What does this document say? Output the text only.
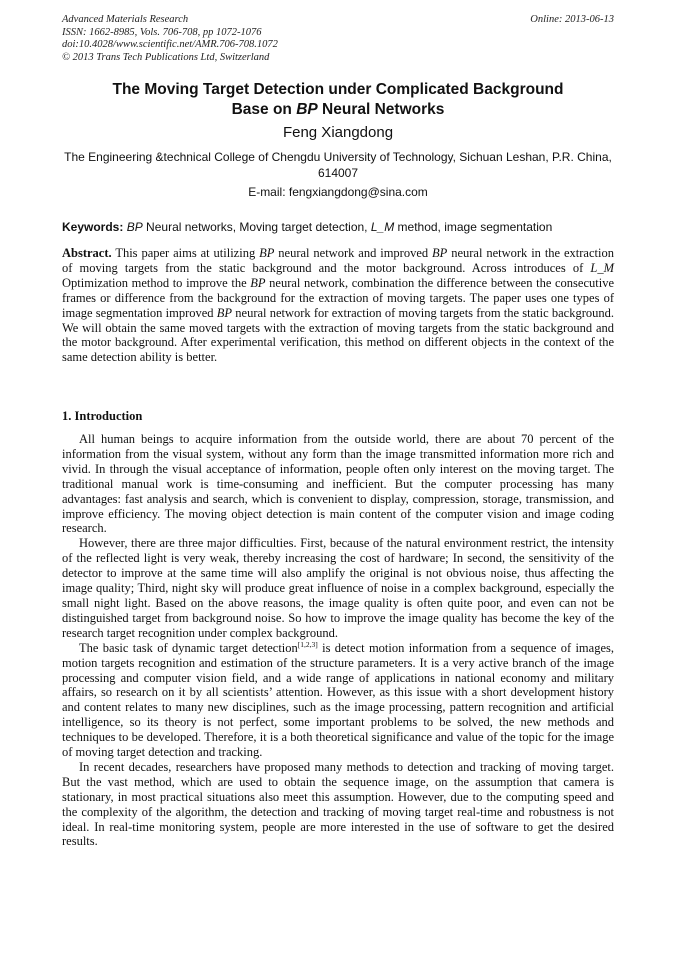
Advanced Materials Research
ISSN: 1662-8985, Vols. 706-708, pp 1072-1076
doi:10.4028/www.scientific.net/AMR.706-708.1072
© 2013 Trans Tech Publications Ltd, Switzerland
Online: 2013-06-13
The Moving Target Detection under Complicated Background
Base on BP Neural Networks
Feng Xiangdong
The Engineering &technical College of Chengdu University of Technology, Sichuan Leshan, P.R. China, 614007
E-mail: fengxiangdong@sina.com
Keywords: BP Neural networks, Moving target detection, L_M method, image segmentation
Abstract. This paper aims at utilizing BP neural network and improved BP neural network in the extraction of moving targets from the static background and the motor background. Across introduces of L_M Optimization method to improve the BP neural network, combination the difference between the consecutive frames or difference from the background for the extraction of moving targets. The paper uses one types of image segmentation improved BP neural network for extraction of moving targets from the static background. We will obtain the same moved targets with the extraction of moving targets from the static background and the motor background. After experimental verification, this method on different objects in the context of the same detection ability is better.
1. Introduction

All human beings to acquire information from the outside world, there are about 70 percent of the information from the visual system, without any form than the image transmitted information more rich and vivid. In through the visual acceptance of information, people often only interest on the moving target. The traditional manual work is time-consuming and inefficient. But the computer processing has many advantages: fast analysis and search, which is convenient to display, compression, storage, transmission, and improve efficiency. The moving object detection is main content of the computer vision and image coding research.

However, there are three major difficulties. First, because of the natural environment restrict, the intensity of the reflected light is very weak, thereby increasing the cost of hardware; In second, the sensitivity of the detector to improve at the same time will also amplify the original is not obvious noise, thus affecting the image quality; Third, night sky will produce great influence of noise in a complex background, especially the small night light. Based on the above reasons, the image quality is often quite poor, and even can not be distinguished target from background noise. So how to improve the image quality has become the key of the research target recognition under complex background.

The basic task of dynamic target detection[1,2,3] is detect motion information from a sequence of images, motion targets recognition and estimation of the structure parameters. It is a very active branch of the image processing and computer vision field, and a wide range of applications in national economy and military affairs, so research on it by all scientists’ attention. However, as this issue with a short development history and content relates to many new disciplines, such as the image processing, pattern recognition and artificial intelligence, so its theory is not perfect, some important problems to be solved, the new methods and techniques to be developed. Therefore, it is a both theoretical significance and value of the topic for the image of moving target detection and tracking.

In recent decades, researchers have proposed many methods to detection and tracking of moving target. But the vast method, which are used to obtain the sequence image, on the assumption that camera is stationary, in most practical situations also meet this assumption. However, due to the computing speed and the complexity of the algorithm, the detection and tracking of moving target real-time and robustness is not ideal. In real-time monitoring system, people are more interested in the use of software to get the desired results.
